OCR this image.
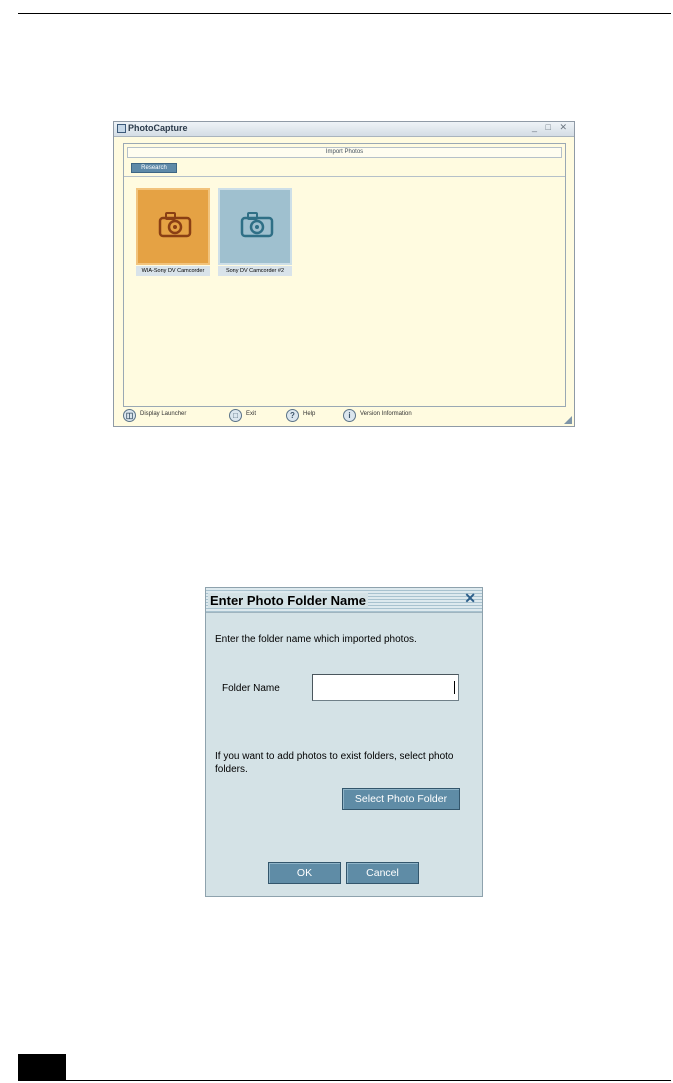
PhotoCapture	_ □ ✕
Import Photos
Research
WIA-Sony DV Camcorder	Sony DV Camcorder #2
◫	Display Launcher	□	Exit	?	Help	i	Version Information
Enter Photo Folder Name	✕
Enter the folder name which imported photos.
Folder Name
If you want to add photos to exist folders, select photo folders.
Select Photo Folder
OK	Cancel
